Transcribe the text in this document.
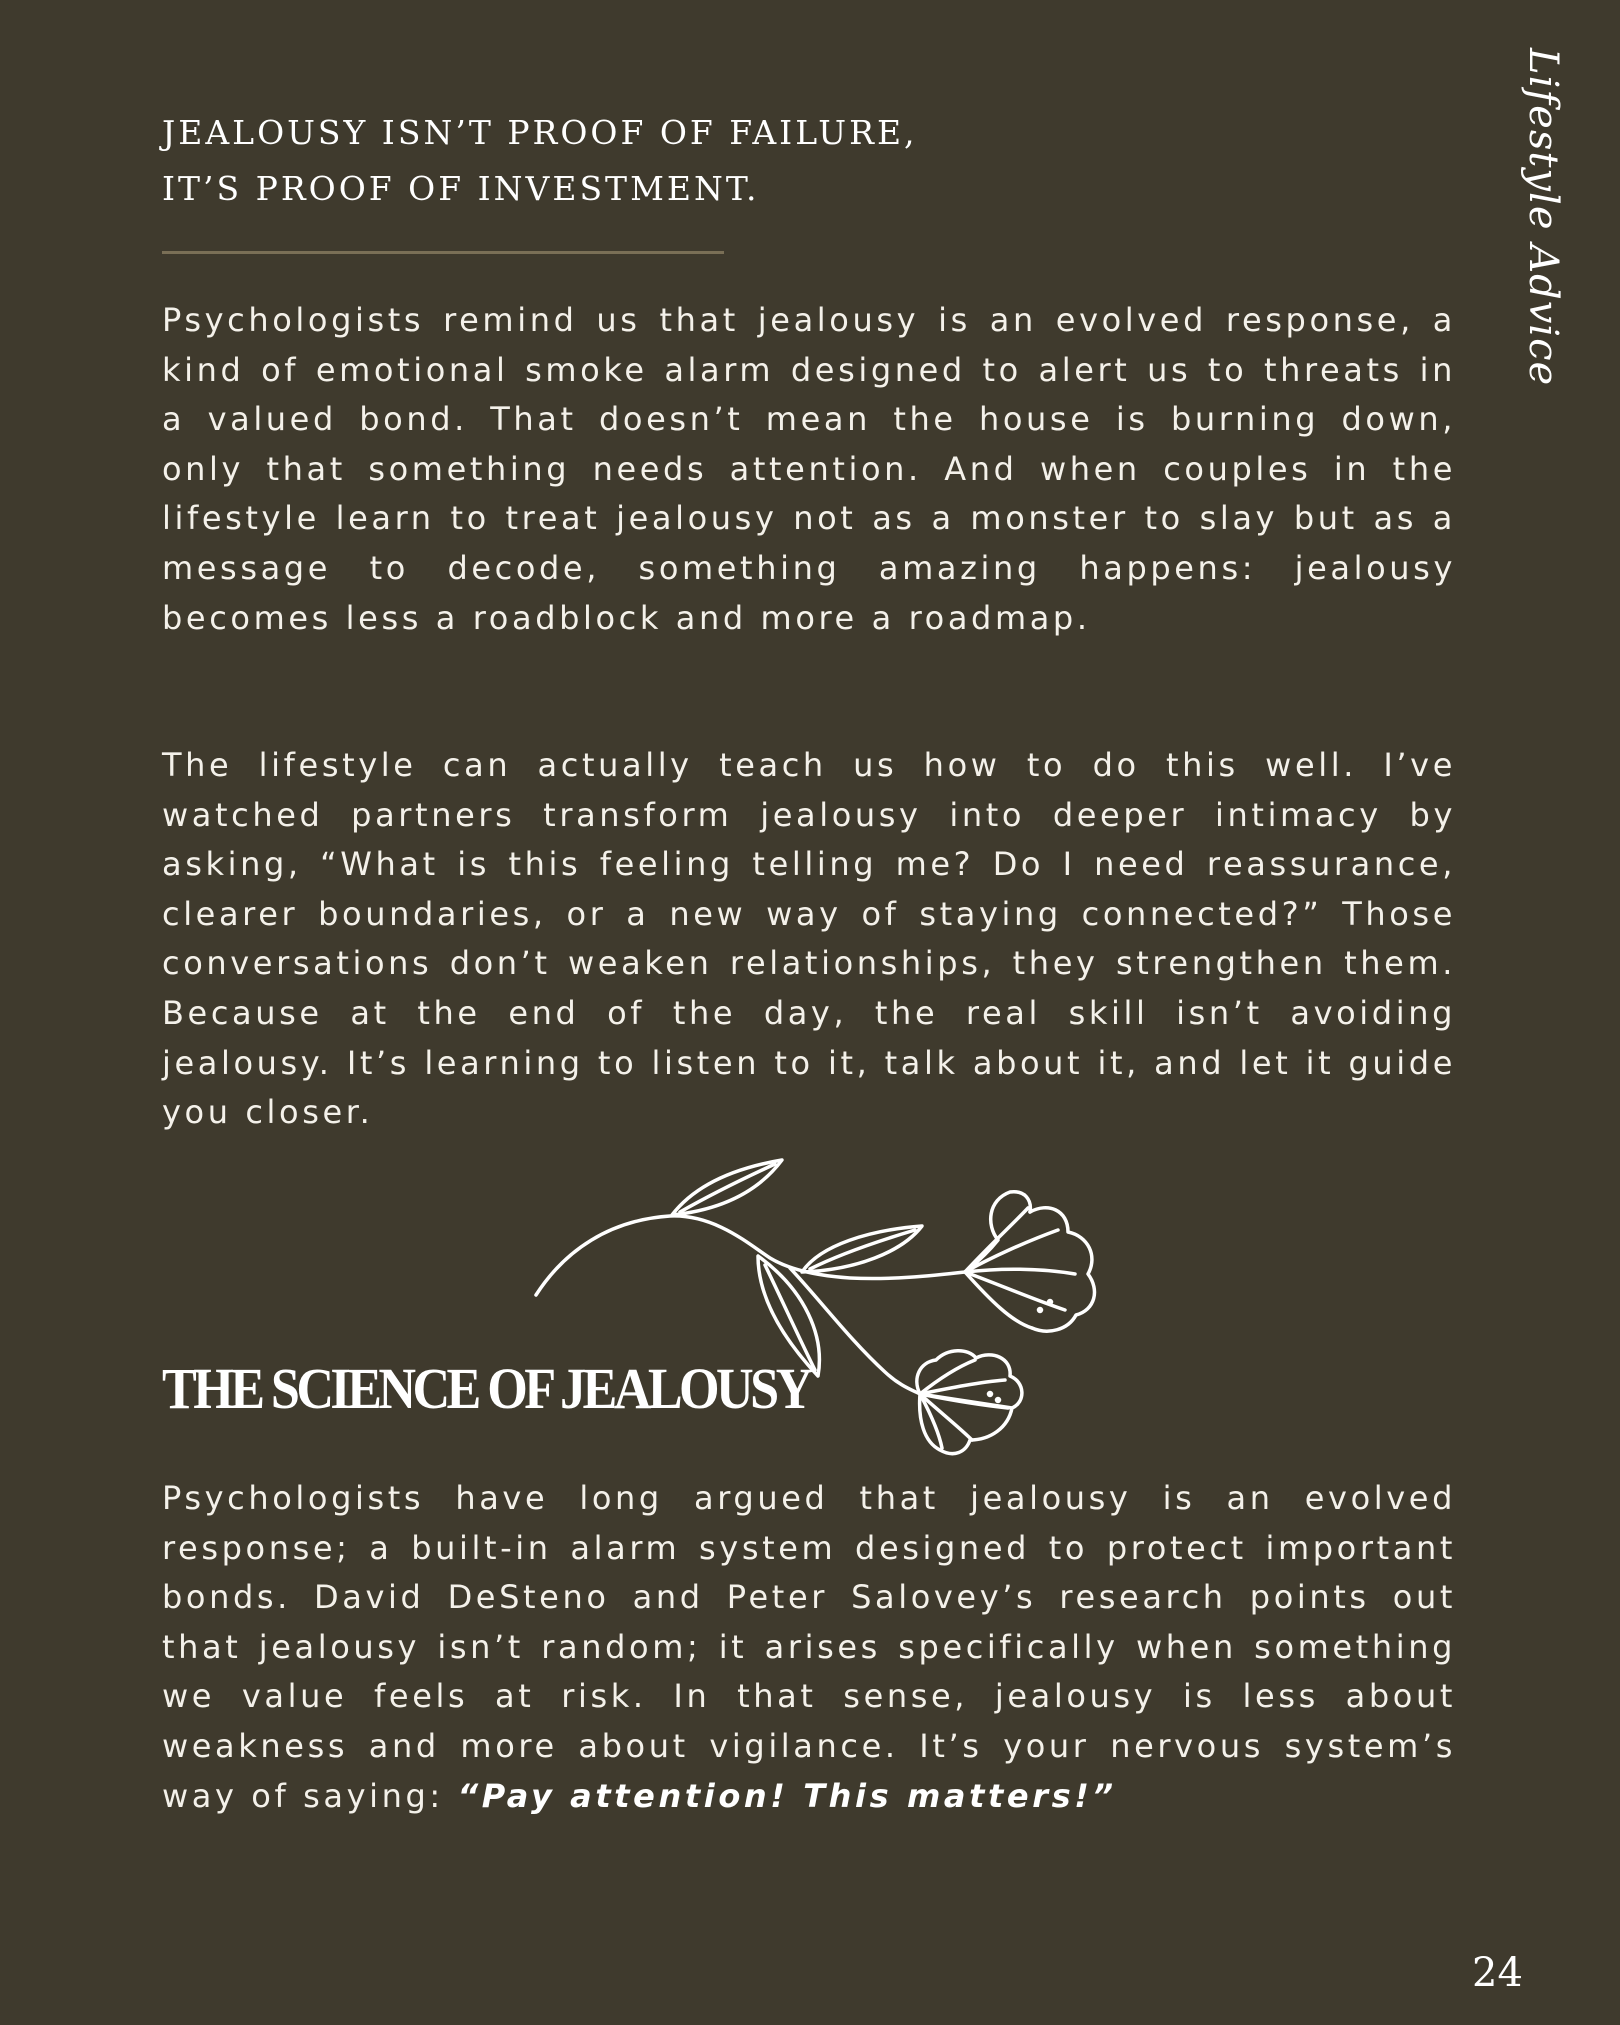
Lifestyle Advice
JEALOUSY ISN’T PROOF OF FAILURE,
IT’S PROOF OF INVESTMENT.

Psychologists remind us that jealousy is an evolved response, a kind of emotional smoke alarm designed to alert us to threats in a valued bond. That doesn’t mean the house is burning down, only that something needs attention. And when couples in the lifestyle learn to treat jealousy not as a monster to slay but as a message to decode, something amazing happens: jealousy becomes less a roadblock and more a roadmap.

The lifestyle can actually teach us how to do this well. I’ve watched partners transform jealousy into deeper intimacy by asking, “What is this feeling telling me? Do I need reassurance, clearer boundaries, or a new way of staying connected?” Those conversations don’t weaken relationships, they strengthen them. Because at the end of the day, the real skill isn’t avoiding jealousy. It’s learning to listen to it, talk about it, and let it guide you closer.

THE SCIENCE OF JEALOUSY

Psychologists have long argued that jealousy is an evolved response; a built-in alarm system designed to protect important bonds. David DeSteno and Peter Salovey’s research points out that jealousy isn’t random; it arises specifically when something we value feels at risk. In that sense, jealousy is less about weakness and more about vigilance. It’s your nervous system’s way of saying: “Pay attention! This matters!”

24
